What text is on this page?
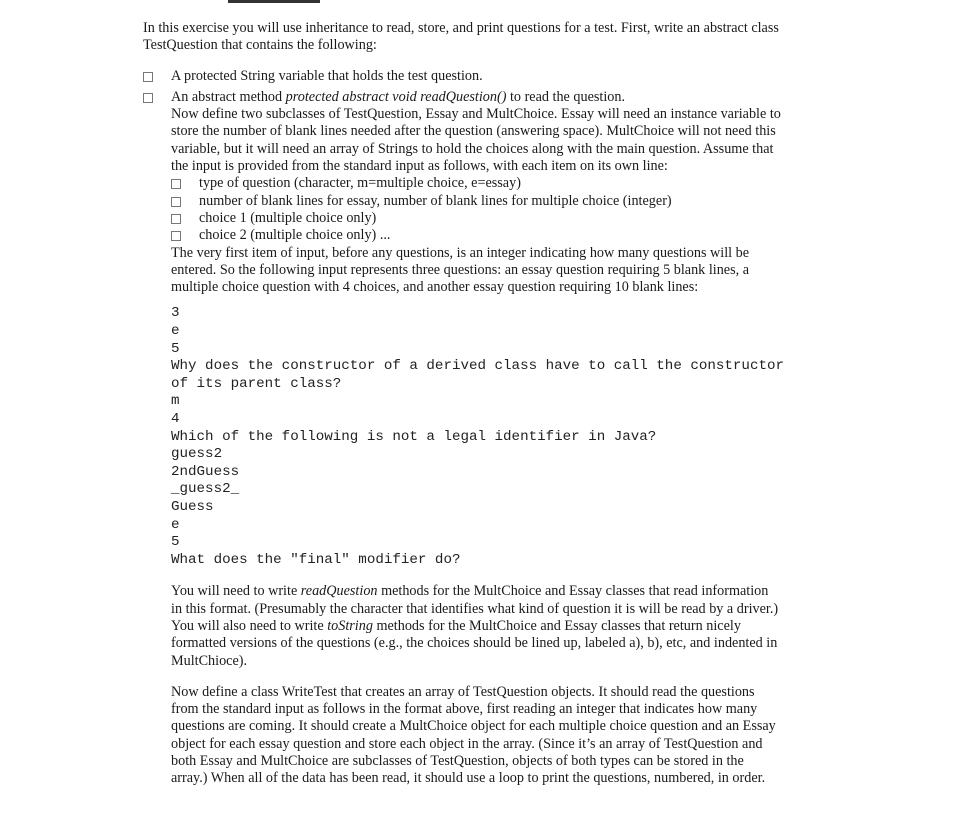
In this exercise you will use inheritance to read, store, and print questions for a test. First, write an abstract class
TestQuestion that contains the following:

A protected String variable that holds the test question.
An abstract method protected abstract void readQuestion() to read the question.

Now define two subclasses of TestQuestion, Essay and MultChoice. Essay will need an instance variable to
store the number of blank lines needed after the question (answering space). MultChoice will not need this
variable, but it will need an array of Strings to hold the choices along with the main question. Assume that
the input is provided from the standard input as follows, with each item on its own line:

type of question (character, m=multiple choice, e=essay)
number of blank lines for essay, number of blank lines for multiple choice (integer)
choice 1 (multiple choice only)
choice 2 (multiple choice only) ...

The very first item of input, before any questions, is an integer indicating how many questions will be
entered. So the following input represents three questions: an essay question requiring 5 blank lines, a
multiple choice question with 4 choices, and another essay question requiring 10 blank lines:

3
e
5
Why does the constructor of a derived class have to call the constructor
of its parent class?
m
4
Which of the following is not a legal identifier in Java?
guess2
2ndGuess
_guess2_
Guess
e
5
What does the "final" modifier do?

You will need to write readQuestion methods for the MultChoice and Essay classes that read information
in this format. (Presumably the character that identifies what kind of question it is will be read by a driver.)
You will also need to write toString methods for the MultChoice and Essay classes that return nicely
formatted versions of the questions (e.g., the choices should be lined up, labeled a), b), etc, and indented in
MultChioce).

Now define a class WriteTest that creates an array of TestQuestion objects. It should read the questions
from the standard input as follows in the format above, first reading an integer that indicates how many
questions are coming. It should create a MultChoice object for each multiple choice question and an Essay
object for each essay question and store each object in the array. (Since it’s an array of TestQuestion and
both Essay and MultChoice are subclasses of TestQuestion, objects of both types can be stored in the
array.) When all of the data has been read, it should use a loop to print the questions, numbered, in order.
